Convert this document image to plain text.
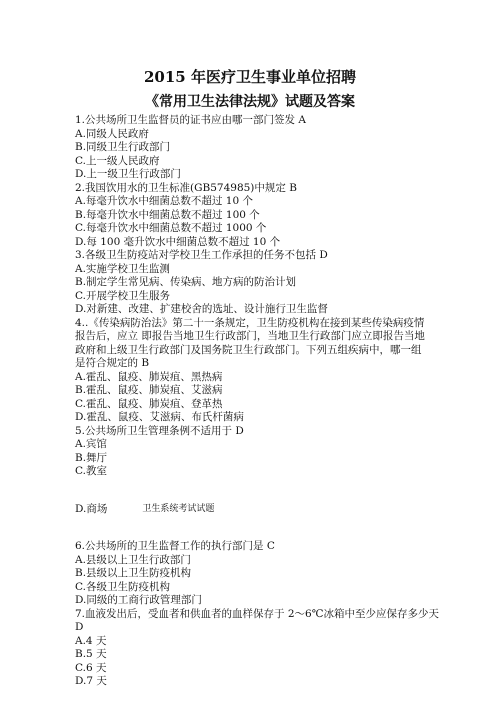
2015 年医疗卫生事业单位招聘
《常用卫生法律法规》试题及答案
1.公共场所卫生监督员的证书应由哪一部门签发 A
A.同级人民政府
B.同级卫生行政部门
C.上一级人民政府
D.上一级卫生行政部门
2.我国饮用水的卫生标准(GB574985)中规定 B
A.每毫升饮水中细菌总数不超过 10 个
B.每毫升饮水中细菌总数不超过 100 个
C.每毫升饮水中细菌总数不超过 1000 个
D.每 100 毫升饮水中细菌总数不超过 10 个
3.各级卫生防疫站对学校卫生工作承担的任务不包括 D
A.实施学校卫生监测
B.制定学生常见病、传染病、地方病的防治计划
C.开展学校卫生服务
D.对新建、改建、扩建校舍的选址、设计施行卫生监督
4..《传染病防治法》第二十一条规定，卫生防疫机构在接到某些传染病疫情报告后，应立 即报告当地卫生行政部门，当地卫生行政部门应立即报告当地政府和上级卫生行政部门及国务院卫生行政部门。下列五组疾病中，哪一组是符合规定的 B
A.霍乱、鼠疫、肺炭疽、黑热病
B.霍乱、鼠疫、肺炭疽、艾滋病
C.霍乱、鼠疫、肺炭疽、登革热
D.霍乱、鼠疫、艾滋病、布氏杆菌病
5.公共场所卫生管理条例不适用于 D
A.宾馆
B.舞厅
C.教室
D.商场	卫生系统考试试题
6.公共场所的卫生监督工作的执行部门是 C
A.县级以上卫生行政部门
B.县级以上卫生防疫机构
C.各级卫生防疫机构
D.同级的工商行政管理部门
7.血液发出后，受血者和供血者的血样保存于 2～6℃冰箱中至少应保存多少天
D
A.4 天
B.5 天
C.6 天
D.7 天
